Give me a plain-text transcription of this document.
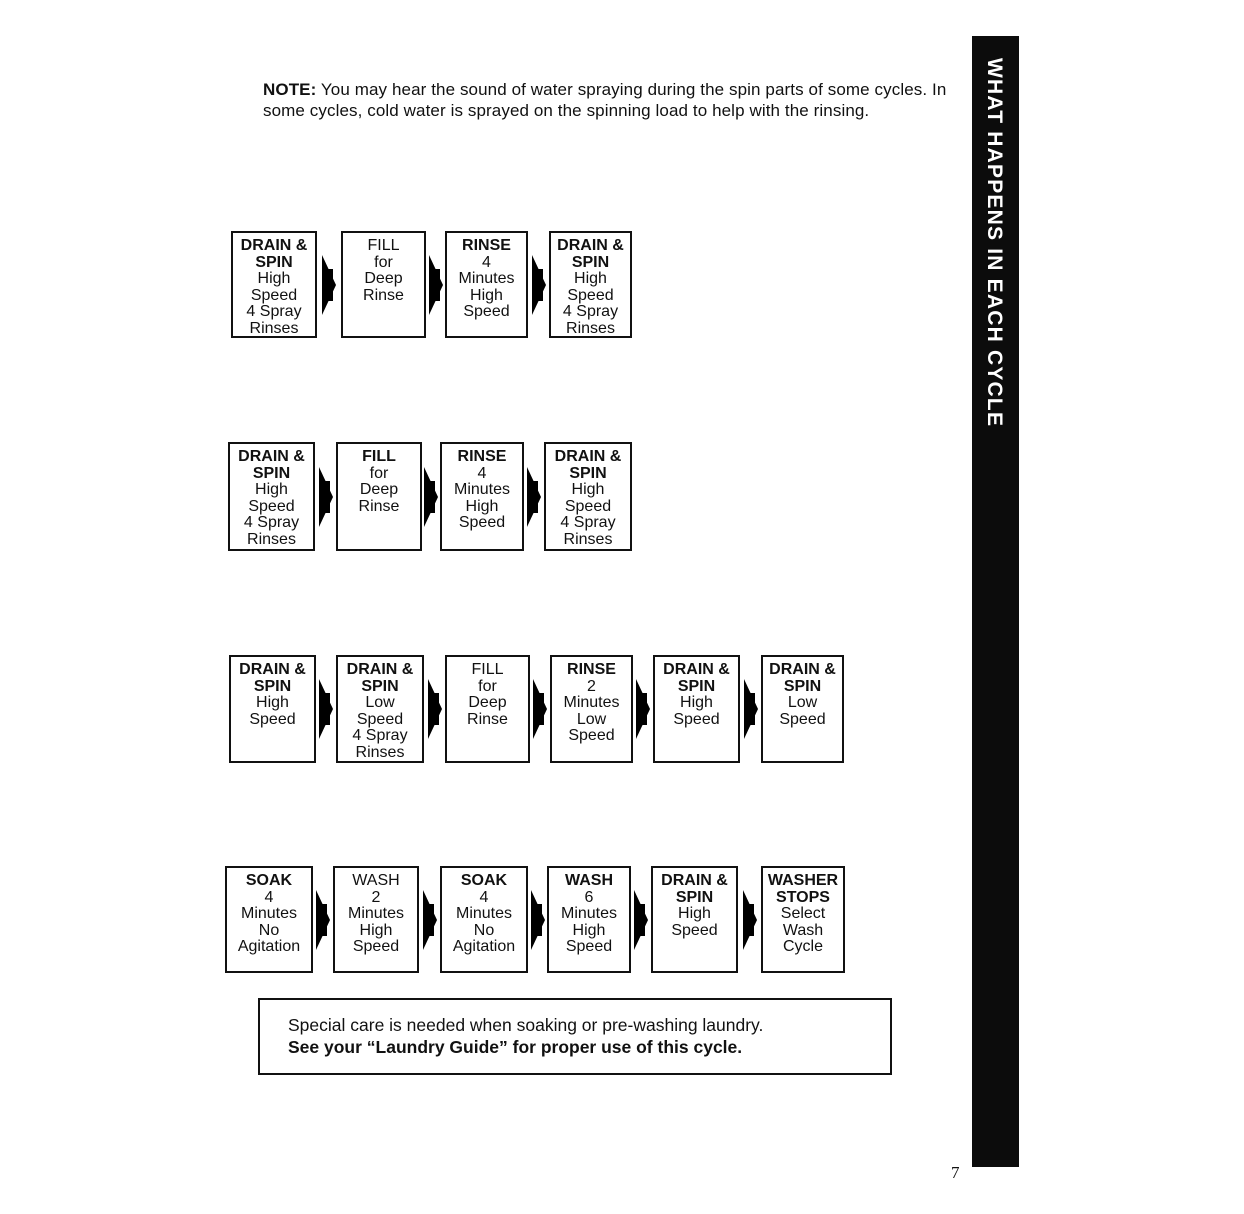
NOTE: You may hear the sound of water spraying during the spin parts of some cycles. In some cycles, cold water is sprayed on the spinning load to help with the rinsing.	WHAT HAPPENS IN EACH CYCLE
DRAIN &
SPIN
High
Speed
4 Spray
Rinses
FILL
for
Deep
Rinse
RINSE
4
Minutes
High
Speed
DRAIN &
SPIN
High
Speed
4 Spray
Rinses
DRAIN &
SPIN
High
Speed
4 Spray
Rinses
FILL
for
Deep
Rinse
RINSE
4
Minutes
High
Speed
DRAIN &
SPIN
High
Speed
4 Spray
Rinses
DRAIN &
SPIN
High
Speed
DRAIN &
SPIN
Low
Speed
4 Spray
Rinses
FILL
for
Deep
Rinse
RINSE
2
Minutes
Low
Speed
DRAIN &
SPIN
High
Speed
DRAIN &
SPIN
Low
Speed
SOAK
4
Minutes
No
Agitation
WASH
2
Minutes
High
Speed
SOAK
4
Minutes
No
Agitation
WASH
6
Minutes
High
Speed
DRAIN &
SPIN
High
Speed
WASHER
STOPS
Select
Wash
Cycle
Special care is needed when soaking or pre-washing laundry.
See your “Laundry Guide” for proper use of this cycle.
7
